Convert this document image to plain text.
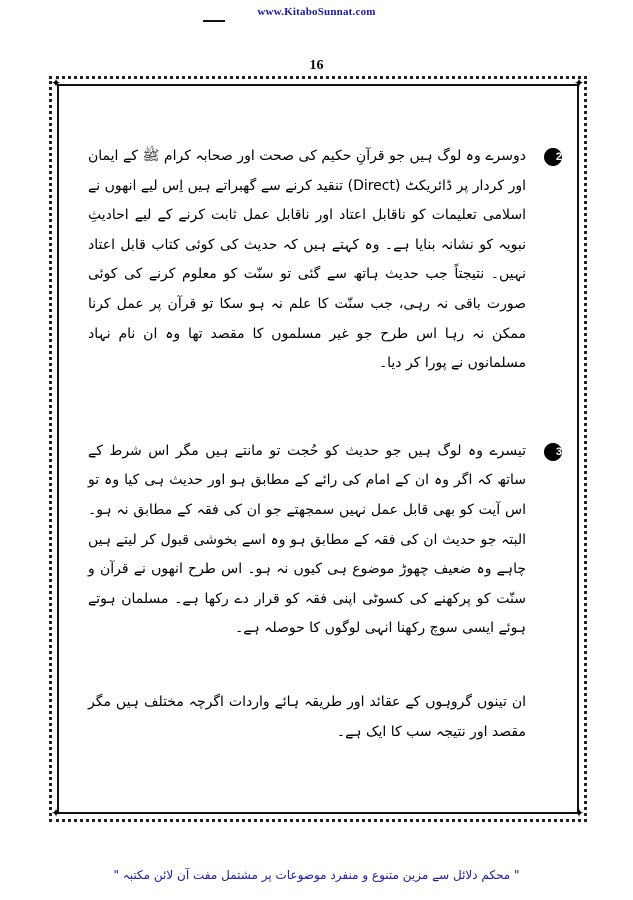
www.KitaboSunnat.com
16
✦	✦
✦	✦
2
دوسرے وہ لوگ ہیں جو قرآنِ حکیم کی صحت اور صحابہ کرام ﷺ کے ایمان اور کردار پر ڈائریکٹ (Direct) تنقید کرنے سے گھبراتے ہیں اِس لیے انھوں نے اسلامی تعلیمات کو ناقابل اعتاد اور ناقابل عمل ثابت کرنے کے لیے احادیثِ نبویہ کو نشانہ بنایا ہے۔ وہ کہتے ہیں کہ حدیث کی کوئی کتاب قابل اعتاد نہیں۔ نتیجتاً جب حدیث ہاتھ سے گئی تو سنّت کو معلوم کرنے کی کوئی صورت باقی نہ رہی، جب سنّت کا علم نہ ہو سکا تو قرآن پر عمل کرنا ممکن نہ رہا اس طرح جو غیر مسلموں کا مقصد تھا وہ ان نام نہاد مسلمانوں نے پورا کر دیا۔
3
تیسرے وہ لوگ ہیں جو حدیث کو حُجت تو مانتے ہیں مگر اس شرط کے ساتھ کہ اگر وہ ان کے امام کی رائے کے مطابق ہو اور حدیث ہی کیا وہ تو اس آیت کو بھی قابل عمل نہیں سمجھتے جو ان کی فقہ کے مطابق نہ ہو۔ البتہ جو حدیث ان کی فقہ کے مطابق ہو وہ اسے بخوشی قبول کر لیتے ہیں چاہے وہ ضعیف چھوڑ موضوع ہی کیوں نہ ہو۔ اس طرح انھوں نے قرآن و سنّت کو پرکھنے کی کسوٹی اپنی فقہ کو قرار دے رکھا ہے۔ مسلمان ہوتے ہوئے ایسی سوچ رکھنا انہی لوگوں کا حوصلہ ہے۔
ان تینوں گروہوں کے عقائد اور طریقہ ہائے واردات اگرچہ مختلف ہیں مگر مقصد اور نتیجہ سب کا ایک ہے۔
" محکم دلائل سے مزین متنوع و منفرد موضوعات پر مشتمل مفت آن لائن مکتبہ "
